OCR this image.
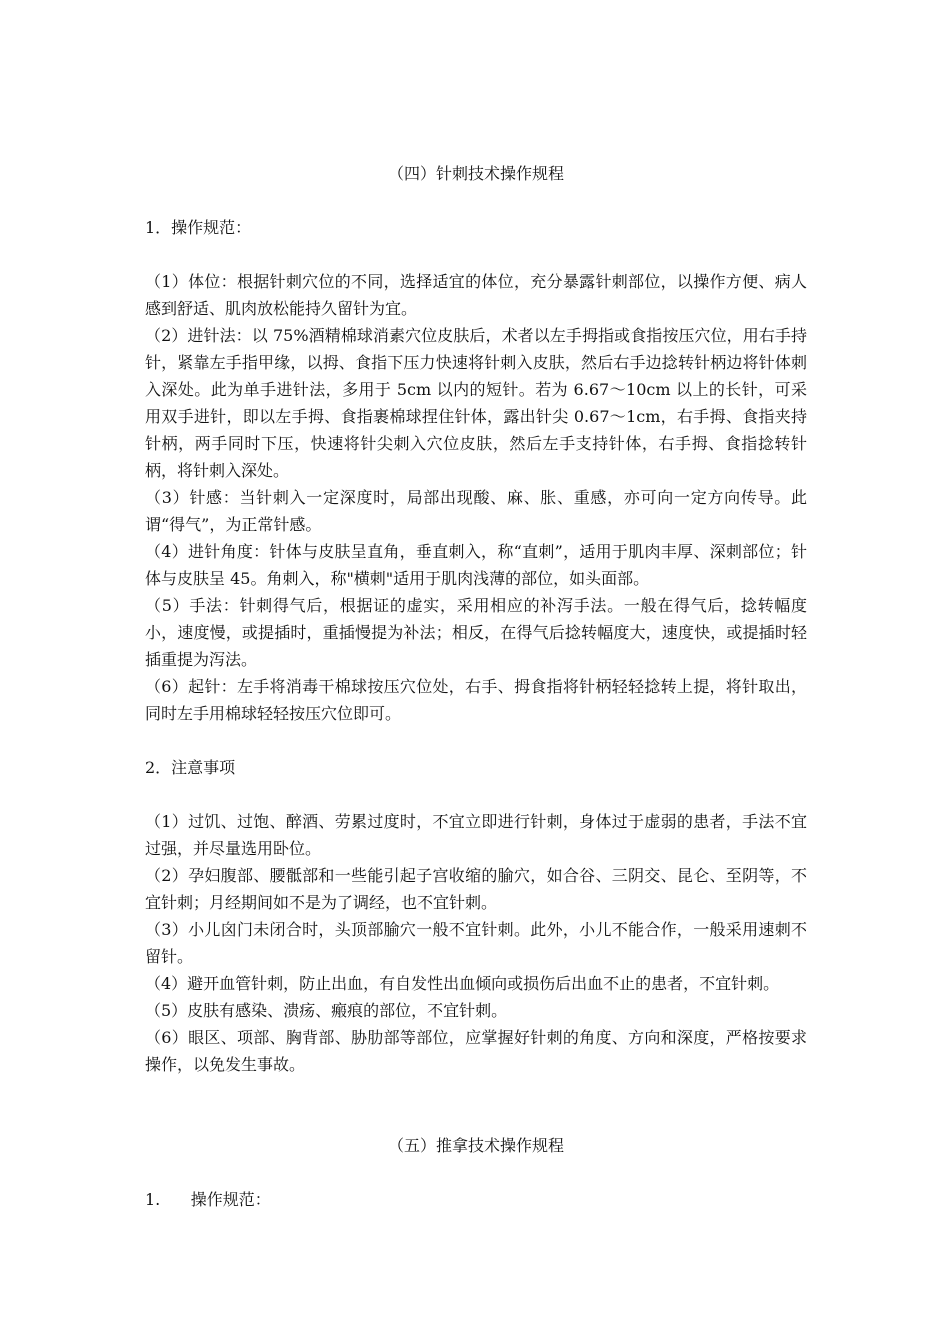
（四）针刺技术操作规程
1．操作规范：

（1）体位：根据针刺穴位的不同，选择适宜的体位，充分暴露针刺部位，以操作方便、病人感到舒适、肌肉放松能持久留针为宜。

（2）进针法：以 75%酒精棉球消素穴位皮肤后，术者以左手拇指或食指按压穴位，用右手持针，紧靠左手指甲缘，以拇、食指下压力快速将针刺入皮肤，然后右手边捻转针柄边将针体刺入深处。此为单手进针法，多用于 5cm 以内的短针。若为 6.67～10cm 以上的长针，可采用双手进针，即以左手拇、食指裹棉球捏住针体，露出针尖 0.67～1cm，右手拇、食指夹持针柄，两手同时下压，快速将针尖刺入穴位皮肤，然后左手支持针体，右手拇、食指捻转针柄，将针刺入深处。

（3）针感：当针刺入一定深度时，局部出现酸、麻、胀、重感，亦可向一定方向传导。此谓“得气”，为正常针感。

（4）进针角度：针体与皮肤呈直角，垂直刺入，称“直刺”，适用于肌肉丰厚、深刺部位；针体与皮肤呈 45。角刺入，称"横刺"适用于肌肉浅薄的部位，如头面部。

（5）手法：针刺得气后，根据证的虚实，采用相应的补泻手法。一般在得气后，捻转幅度小，速度慢，或提插时，重插慢提为补法；相反，在得气后捻转幅度大，速度快，或提插时轻插重提为泻法。

（6）起针：左手将消毒干棉球按压穴位处，右手、拇食指将针柄轻轻捻转上提，将针取出，同时左手用棉球轻轻按压穴位即可。

2．注意事项

（1）过饥、过饱、醉酒、劳累过度时，不宜立即进行针刺，身体过于虚弱的患者，手法不宜过强，并尽量选用卧位。

（2）孕妇腹部、腰骶部和一些能引起子宫收缩的腧穴，如合谷、三阴交、昆仑、至阴等，不宜针刺；月经期间如不是为了调经，也不宜针刺。

（3）小儿囟门未闭合时，头顶部腧穴一般不宜针刺。此外，小儿不能合作，一般采用速刺不留针。

（4）避开血管针刺，防止出血，有自发性出血倾向或损伤后出血不止的患者，不宜针刺。

（5）皮肤有感染、溃疡、瘢痕的部位，不宜针刺。

（6）眼区、项部、胸背部、胁肋部等部位，应掌握好针刺的角度、方向和深度，严格按要求操作，以免发生事故。

（五）推拿技术操作规程
1.      操作规范：
